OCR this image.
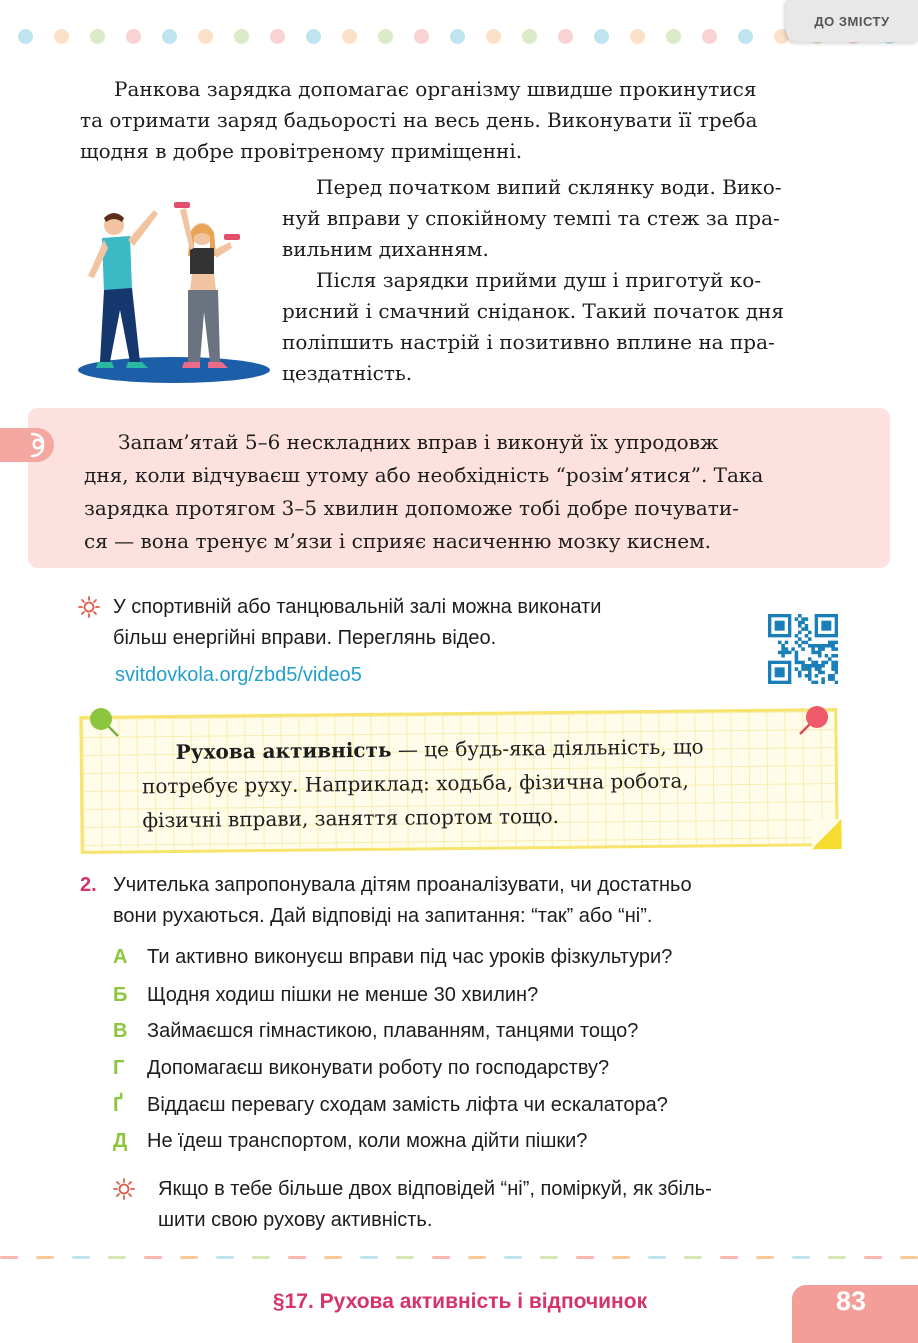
ДО ЗМІСТУ

Ранкова зарядка допомагає організму швидше прокинутися
та отримати заряд бадьорості на весь день. Виконувати її треба
щодня в добре провітреному приміщенні.

Перед початком випий склянку води. Вико-
нуй вправи у спокійному темпі та стеж за пра-
вильним диханням.
Після зарядки прийми душ і приготуй ко-
рисний і смачний сніданок. Такий початок дня
поліпшить настрій і позитивно вплине на пра-
цездатність.

Запам’ятай 5–6 нескладних вправ і виконуй їх упродовж
дня, коли відчуваєш утому або необхідність “розім’ятися”. Така
зарядка протягом 3–5 хвилин допоможе тобі добре почувати-
ся — вона тренує м’язи і сприяє насиченню мозку киснем.

У спортивній або танцювальній залі можна виконати
більш енергійні вправи. Переглянь відео.

svitdovkola.org/zbd5/video5

Рухова активність — це будь-яка діяльність, що
потребує руху. Наприклад: ходьба, фізична робота,
фізичні вправи, заняття спортом тощо.

2. Учителька запропонувала дітям проаналізувати, чи достатньо
вони рухаються. Дай відповіді на запитання: “так” або “ні”.

А Ти активно виконуєш вправи під час уроків фізкультури?
Б Щодня ходиш пішки не менше 30 хвилин?
В Займаєшся гімнастикою, плаванням, танцями тощо?
Г Допомагаєш виконувати роботу по господарству?
Ґ Віддаєш перевагу сходам замість ліфта чи ескалатора?
Д Не їдеш транспортом, коли можна дійти пішки?

Якщо в тебе більше двох відповідей “ні”, поміркуй, як збіль-
шити свою рухову активність.

§17. Рухова активність і відпочинок	83
